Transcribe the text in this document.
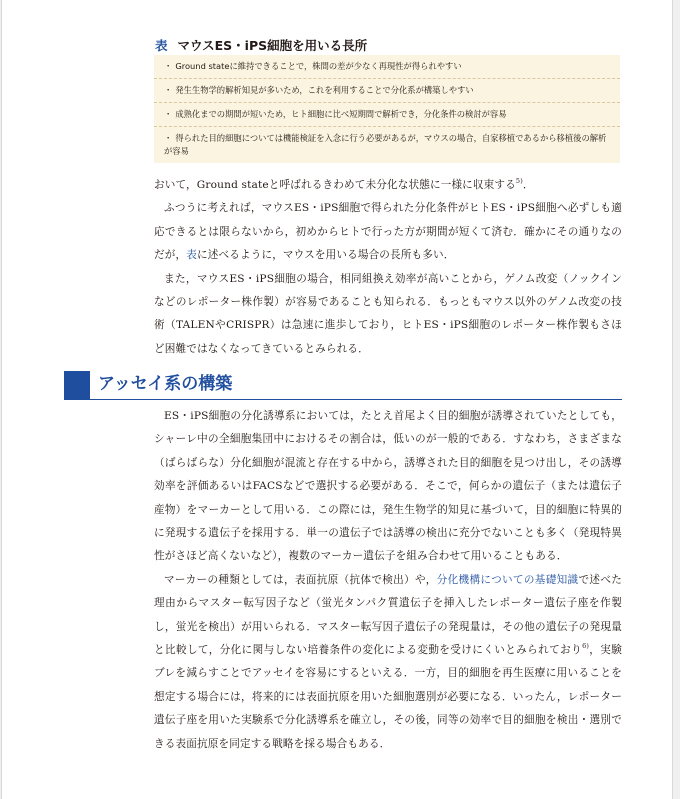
表 マウスES・iPS細胞を用いる長所
・ Ground stateに維持できることで，株間の差が少なく再現性が得られやすい
・ 発生生物学的解析知見が多いため，これを利用することで分化系が構築しやすい
・ 成熟化までの期間が短いため，ヒト細胞に比べ短期間で解析でき，分化条件の検討が容易
・ 得られた目的細胞については機能検証を入念に行う必要があるが，マウスの場合，自家移植であるから移植後の解析が容易

おいて，Ground stateと呼ばれるきわめて未分化な状態に一様に収束する$^{5)}$．

ふつうに考えれば，マウスES・iPS細胞で得られた分化条件がヒトES・iPS細胞へ必ずしも適応できるとは限らないから，初めからヒトで行った方が期間が短くて済む．確かにその通りなのだが，表に述べるように，マウスを用いる場合の長所も多い．

また，マウスES・iPS細胞の場合，相同組換え効率が高いことから，ゲノム改変（ノックインなどのレポーター株作製）が容易であることも知られる．もっともマウス以外のゲノム改変の技術（TALENやCRISPR）は急速に進歩しており，ヒトES・iPS細胞のレポーター株作製もさほど困難ではなくなってきているとみられる．

アッセイ系の構築

ES・iPS細胞の分化誘導系においては，たとえ首尾よく目的細胞が誘導されていたとしても，シャーレ中の全細胞集団中におけるその割合は，低いのが一般的である．すなわち，さまざまな（ばらばらな）分化細胞が混流と存在する中から，誘導された目的細胞を見つけ出し，その誘導効率を評価あるいはFACSなどで選択する必要がある．そこで，何らかの遺伝子（または遺伝子産物）をマーカーとして用いる．この際には，発生生物学的知見に基づいて，目的細胞に特異的に発現する遺伝子を採用する．単一の遺伝子では誘導の検出に充分でないことも多く（発現特異性がさほど高くないなど），複数のマーカー遺伝子を組み合わせて用いることもある．

マーカーの種類としては，表面抗原（抗体で検出）や，分化機構についての基礎知識で述べた理由からマスター転写因子など（蛍光タンパク質遺伝子を挿入したレポーター遺伝子座を作製し，蛍光を検出）が用いられる．マスター転写因子遺伝子の発現量は，その他の遺伝子の発現量と比較して，分化に関与しない培養条件の変化による変動を受けにくいとみられており$^{6)}$，実験ブレを減らすことでアッセイを容易にするといえる．一方，目的細胞を再生医療に用いることを想定する場合には，将来的には表面抗原を用いた細胞選別が必要になる．いったん，レポーター遺伝子座を用いた実験系で分化誘導系を確立し，その後，同等の効率で目的細胞を検出・選別できる表面抗原を同定する戦略を採る場合もある．
